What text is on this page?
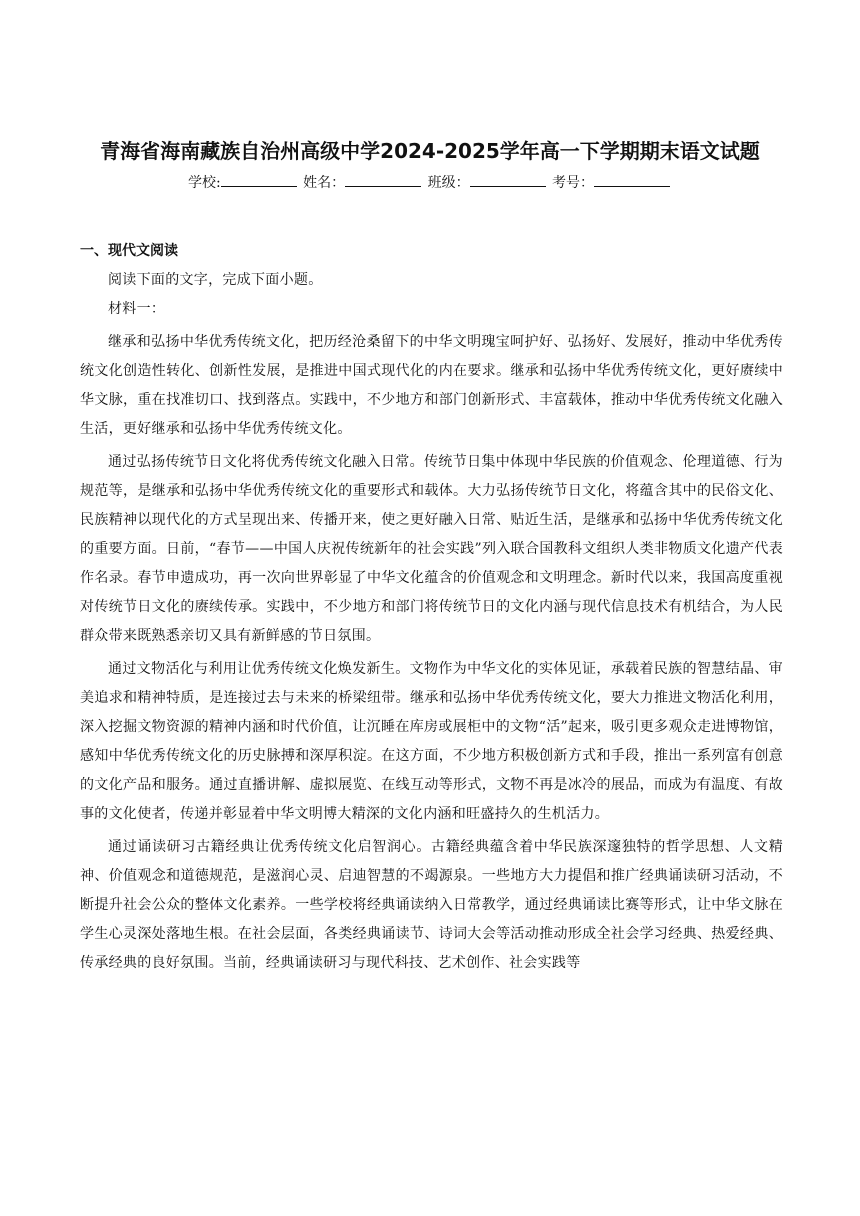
青海省海南藏族自治州高级中学2024-2025学年高一下学期期末语文试题
学校:	姓名：	班级：	考号：
一、现代文阅读

阅读下面的文字，完成下面小题。

材料一：

继承和弘扬中华优秀传统文化，把历经沧桑留下的中华文明瑰宝呵护好、弘扬好、发展好，推动中华优秀传统文化创造性转化、创新性发展，是推进中国式现代化的内在要求。继承和弘扬中华优秀传统文化，更好赓续中华文脉，重在找准切口、找到落点。实践中，不少地方和部门创新形式、丰富载体，推动中华优秀传统文化融入生活，更好继承和弘扬中华优秀传统文化。

通过弘扬传统节日文化将优秀传统文化融入日常。传统节日集中体现中华民族的价值观念、伦理道德、行为规范等，是继承和弘扬中华优秀传统文化的重要形式和载体。大力弘扬传统节日文化，将蕴含其中的民俗文化、民族精神以现代化的方式呈现出来、传播开来，使之更好融入日常、贴近生活，是继承和弘扬中华优秀传统文化的重要方面。日前，“春节——中国人庆祝传统新年的社会实践”列入联合国教科文组织人类非物质文化遗产代表作名录。春节申遗成功，再一次向世界彰显了中华文化蕴含的价值观念和文明理念。新时代以来，我国高度重视对传统节日文化的赓续传承。实践中，不少地方和部门将传统节日的文化内涵与现代信息技术有机结合，为人民群众带来既熟悉亲切又具有新鲜感的节日氛围。

通过文物活化与利用让优秀传统文化焕发新生。文物作为中华文化的实体见证，承载着民族的智慧结晶、审美追求和精神特质，是连接过去与未来的桥梁纽带。继承和弘扬中华优秀传统文化，要大力推进文物活化利用，深入挖掘文物资源的精神内涵和时代价值，让沉睡在库房或展柜中的文物“活”起来，吸引更多观众走进博物馆，感知中华优秀传统文化的历史脉搏和深厚积淀。在这方面，不少地方积极创新方式和手段，推出一系列富有创意的文化产品和服务。通过直播讲解、虚拟展览、在线互动等形式，文物不再是冰冷的展品，而成为有温度、有故事的文化使者，传递并彰显着中华文明博大精深的文化内涵和旺盛持久的生机活力。

通过诵读研习古籍经典让优秀传统文化启智润心。古籍经典蕴含着中华民族深邃独特的哲学思想、人文精神、价值观念和道德规范，是滋润心灵、启迪智慧的不竭源泉。一些地方大力提倡和推广经典诵读研习活动，不断提升社会公众的整体文化素养。一些学校将经典诵读纳入日常教学，通过经典诵读比赛等形式，让中华文脉在学生心灵深处落地生根。在社会层面，各类经典诵读节、诗词大会等活动推动形成全社会学习经典、热爱经典、传承经典的良好氛围。当前，经典诵读研习与现代科技、艺术创作、社会实践等
